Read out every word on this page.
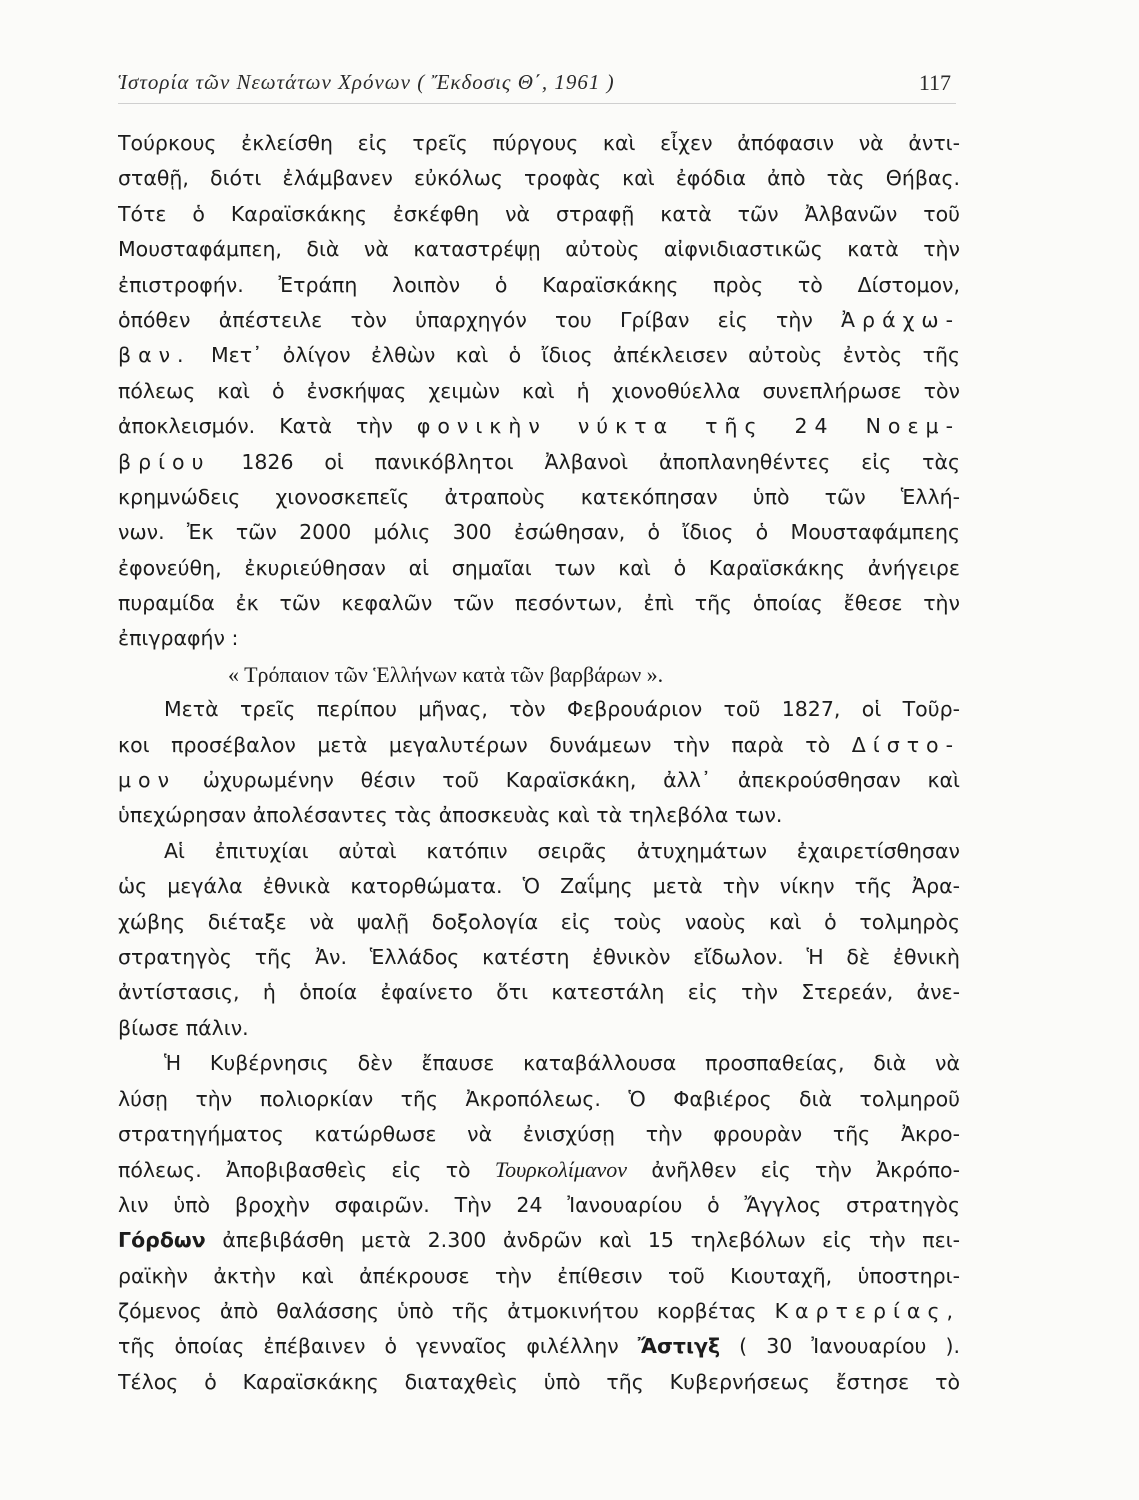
Ἱστορία τῶν Νεωτάτων Χρόνων ( Ἔκδοσις Θ΄, 1961 )	117
Τούρκους ἐκλείσθη εἰς τρεῖς πύργους καὶ εἶχεν ἀπόφασιν νὰ ἀντι-
σταθῇ, διότι ἐλάμβανεν εὐκόλως τροφὰς καὶ ἐφόδια ἀπὸ τὰς Θήβας.
Τότε ὁ Καραϊσκάκης ἐσκέφθη νὰ στραφῇ κατὰ τῶν Ἀλβανῶν τοῦ
Μουσταφάμπεη, διὰ νὰ καταστρέψῃ αὐτοὺς αἰφνιδιαστικῶς κατὰ τὴν
ἐπιστροφήν. Ἐτράπη λοιπὸν ὁ Καραϊσκάκης πρὸς τὸ Δίστομον,
ὁπόθεν ἀπέστειλε τὸν ὑπαρχηγόν του Γρίβαν εἰς τὴν Ἀράχω-
βαν. Μετ᾽ ὀλίγον ἐλθὼν καὶ ὁ ἴδιος ἀπέκλεισεν αὐτοὺς ἐντὸς τῆς
πόλεως καὶ ὁ ἐνσκήψας χειμὼν καὶ ἡ χιονοθύελλα συνεπλήρωσε τὸν
ἀποκλεισμόν. Κατὰ τὴν φονικὴν νύκτα τῆς 24 Νοεμ-
βρίου 1826 οἱ πανικόβλητοι Ἀλβανοὶ ἀποπλανηθέντες εἰς τὰς
κρημνώδεις χιονοσκεπεῖς ἀτραποὺς κατεκόπησαν ὑπὸ τῶν Ἑλλή-
νων. Ἐκ τῶν 2000 μόλις 300 ἐσώθησαν, ὁ ἴδιος ὁ Μουσταφάμπεης
ἐφονεύθη, ἐκυριεύθησαν αἱ σημαῖαι των καὶ ὁ Καραϊσκάκης ἀνήγειρε
πυραμίδα ἐκ τῶν κεφαλῶν τῶν πεσόντων, ἐπὶ τῆς ὁποίας ἔθεσε τὴν
ἐπιγραφήν :
« Τρόπαιον τῶν Ἑλλήνων κατὰ τῶν βαρβάρων ».
Μετὰ τρεῖς περίπου μῆνας, τὸν Φεβρουάριον τοῦ 1827, οἱ Τοῦρ-
κοι προσέβαλον μετὰ μεγαλυτέρων δυνάμεων τὴν παρὰ τὸ Δίστο-
μον ὠχυρωμένην θέσιν τοῦ Καραϊσκάκη, ἀλλ᾽ ἀπεκρούσθησαν καὶ
ὑπεχώρησαν ἀπολέσαντες τὰς ἀποσκευὰς καὶ τὰ τηλεβόλα των.
Αἱ ἐπιτυχίαι αὐταὶ κατόπιν σειρᾶς ἀτυχημάτων ἐχαιρετίσθησαν
ὡς μεγάλα ἐθνικὰ κατορθώματα. Ὁ Ζαΐμης μετὰ τὴν νίκην τῆς Ἀρα-
χώβης διέταξε νὰ ψαλῇ δοξολογία εἰς τοὺς ναοὺς καὶ ὁ τολμηρὸς
στρατηγὸς τῆς Ἀν. Ἑλλάδος κατέστη ἐθνικὸν εἴδωλον. Ἡ δὲ ἐθνικὴ
ἀντίστασις, ἡ ὁποία ἐφαίνετο ὅτι κατεστάλη εἰς τὴν Στερεάν, ἀνε-
βίωσε πάλιν.
Ἡ Κυβέρνησις δὲν ἔπαυσε καταβάλλουσα προσπαθείας, διὰ νὰ
λύσῃ τὴν πολιορκίαν τῆς Ἀκροπόλεως. Ὁ Φαβιέρος διὰ τολμηροῦ
στρατηγήματος κατώρθωσε νὰ ἐνισχύσῃ τὴν φρουρὰν τῆς Ἀκρο-
πόλεως. Ἀποβιβασθεὶς εἰς τὸ Τουρκολίμανον ἀνῆλθεν εἰς τὴν Ἀκρόπο-
λιν ὑπὸ βροχὴν σφαιρῶν. Τὴν 24 Ἰανουαρίου ὁ Ἄγγλος στρατηγὸς
Γόρδων ἀπεβιβάσθη μετὰ 2.300 ἀνδρῶν καὶ 15 τηλεβόλων εἰς τὴν πει-
ραϊκὴν ἀκτὴν καὶ ἀπέκρουσε τὴν ἐπίθεσιν τοῦ Κιουταχῆ, ὑποστηρι-
ζόμενος ἀπὸ θαλάσσης ὑπὸ τῆς ἀτμοκινήτου κορβέτας Καρτερίας,
τῆς ὁποίας ἐπέβαινεν ὁ γενναῖος φιλέλλην Ἄστιγξ ( 30 Ἰανουαρίου ).
Τέλος ὁ Καραϊσκάκης διαταχθεὶς ὑπὸ τῆς Κυβερνήσεως ἔστησε τὸ
